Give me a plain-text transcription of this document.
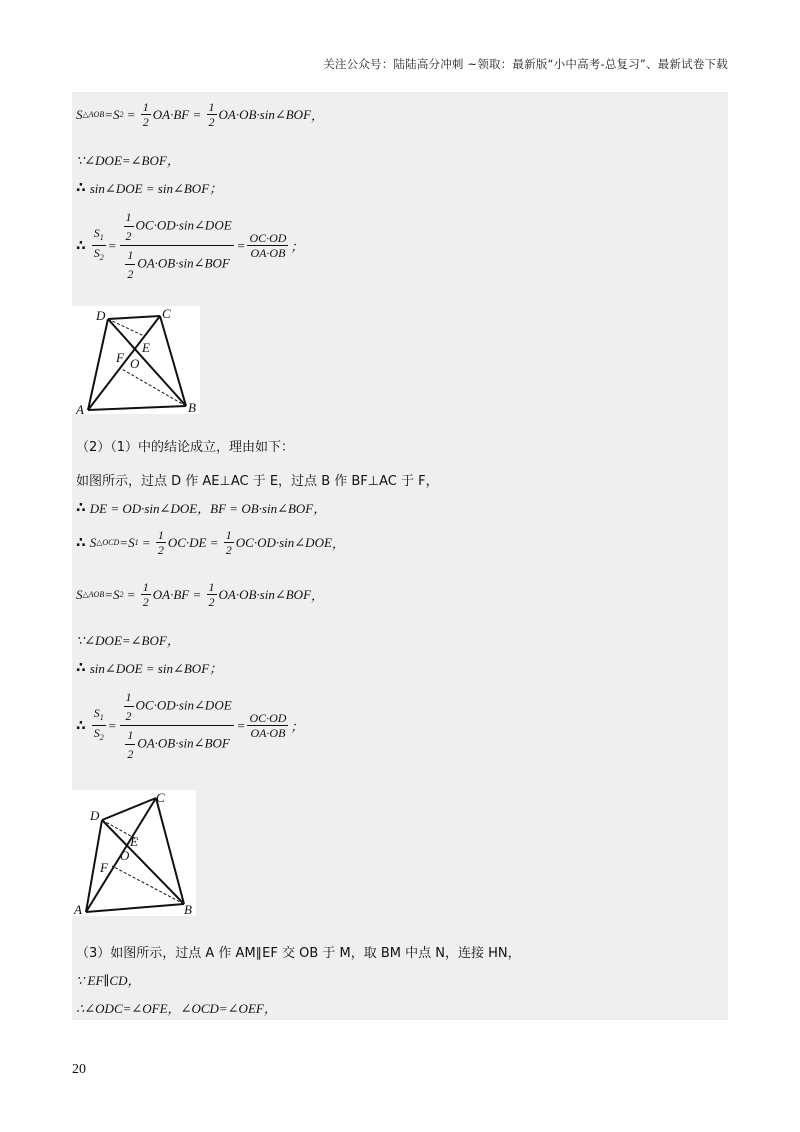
关注公众号：陆陆高分冲刺 ~领取：最新版“小中高考-总复习”、最新试卷下载
S △AOB =S $2 = \frac{1}{2} OA\cdot BF = \frac{1}{2}$ OA·OB·sin∠BOF ，
∵∠DOE=∠BOF，
∴ sin∠DOE = sin∠BOF；
∴ $\frac{S_1}{S_2} = \frac{\frac{1}{2} OC\cdot OD\cdot\sin\angle DOE}{\frac{1}{2} OA\cdot OB\cdot\sin\angle BOF} = \frac{OC\cdot OD}{OA\cdot OB}$ ；
D	C
E
F O
A	B
（2）（1）中的结论成立，理由如下：
如图所示，过点 D 作 AE⊥AC 于 E，过点 B 作 BF⊥AC 于 F，
∴ DE = OD·sin∠DOE，BF = OB·sin∠BOF，
∴ S △OCD =S $1 = \frac{1}{2} OC\cdot DE = \frac{1}{2}$ OC·OD·sin∠DOE ，
S △AOB =S $2 = \frac{1}{2} OA\cdot BF = \frac{1}{2}$ OA·OB·sin∠BOF ，
∵∠DOE=∠BOF，
∴ sin∠DOE = sin∠BOF；
∴ $\frac{S_1}{S_2} = \frac{\frac{1}{2} OC\cdot OD\cdot\sin\angle DOE}{\frac{1}{2} OA\cdot OB\cdot\sin\angle BOF} = \frac{OC\cdot OD}{OA\cdot OB}$ ；
D
C
E
F
O
A	B
（3）如图所示，过点 A 作 AM∥EF 交 OB 于 M，取 BM 中点 N，连接 HN，
∵ EF∥CD，
∴∠ODC=∠OFE，∠OCD=∠OEF，
20
